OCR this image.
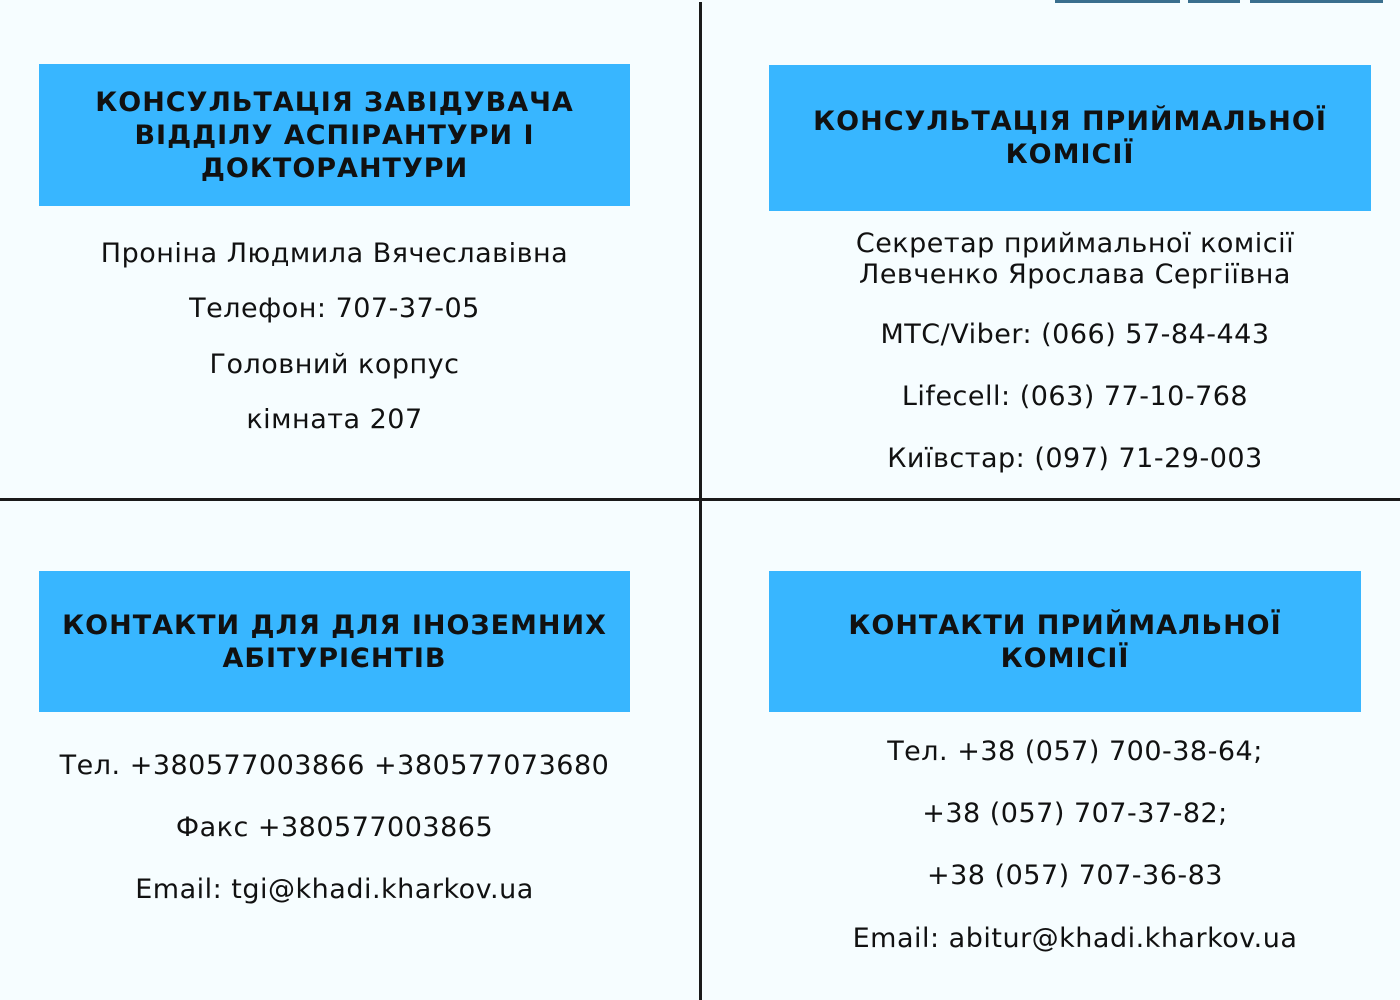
КОНСУЛЬТАЦІЯ ЗАВІДУВАЧА ВІДДІЛУ АСПІРАНТУРИ І ДОКТОРАНТУРИ
Проніна Людмила Вячеславівна
Телефон: 707-37-05
Головний корпус
кімната 207
КОНСУЛЬТАЦІЯ ПРИЙМАЛЬНОЇ КОМІСІЇ
Секретар приймальної комісії
Левченко Ярослава Сергіївна
МТС/Viber: (066) 57-84-443
Lifecell: (063) 77-10-768
Київстар: (097) 71-29-003
КОНТАКТИ ДЛЯ ДЛЯ ІНОЗЕМНИХ АБІТУРІЄНТІВ
Тел. +380577003866 +380577073680
Факс +380577003865
Email: tgi@khadi.kharkov.ua
КОНТАКТИ ПРИЙМАЛЬНОЇ КОМІСІЇ
Тел. +38 (057) 700-38-64;
+38 (057) 707-37-82;
+38 (057) 707-36-83
Email: abitur@khadi.kharkov.ua
